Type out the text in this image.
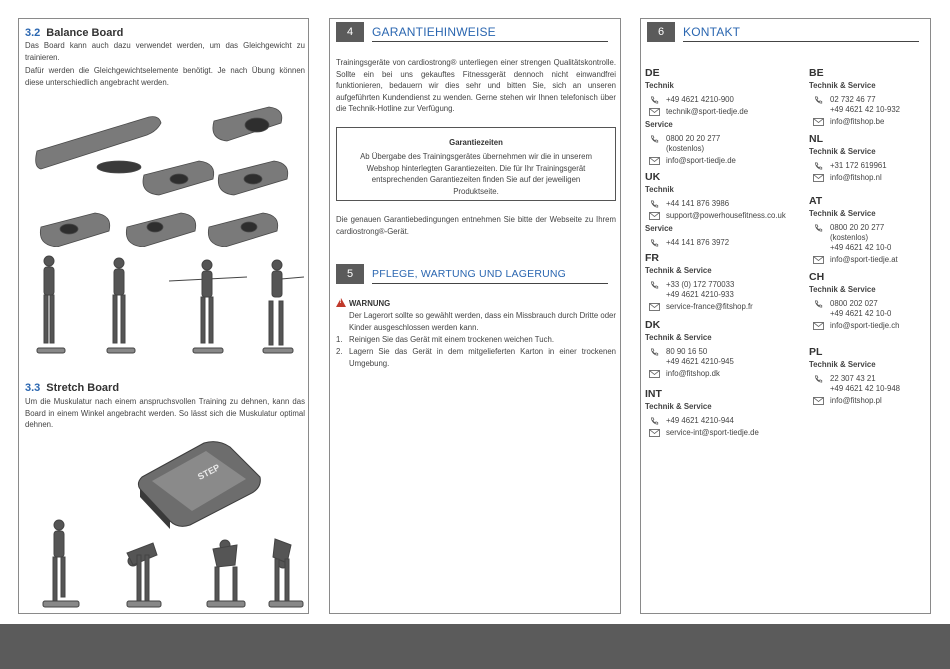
3.2 Balance Board
Das Board kann auch dazu verwendet werden, um das Gleichgewicht zu trainieren.
Dafür werden die Gleichgewichtselemente benötigt. Je nach Übung können diese unterschiedlich angebracht werden.
3.3 Stretch Board
Um die Muskulatur nach einem anspruchsvollen Training zu dehnen, kann das Board in einem Winkel angebracht werden. So lässt sich die Muskulatur optimal dehnen.
STEP
4	GARANTIEHINWEISE
Trainingsgeräte von cardiostrong® unterliegen einer strengen Qualitätskontrolle. Sollte ein bei uns gekauftes Fitnessgerät dennoch nicht einwandfrei funktionieren, bedauern wir dies sehr und bitten Sie, sich an unseren aufgeführten Kundendienst zu wenden. Gerne stehen wir Ihnen telefonisch über die Technik-Hotline zur Verfügung.
Garantiezeiten
Ab Übergabe des Trainingsgerätes übernehmen wir die in unserem Webshop hinterlegten Garantiezeiten. Die für Ihr Trainingsgerät entsprechenden Garantiezeiten finden Sie auf der jeweiligen Produktseite.
Die genauen Garantiebedingungen entnehmen Sie bitte der Webseite zu Ihrem cardiostrong®-Gerät.
5	PFLEGE, WARTUNG UND LAGERUNG
!WARNUNG
Der Lagerort sollte so gewählt werden, dass ein Missbrauch durch Dritte oder Kinder ausgeschlossen werden kann.
1. Reinigen Sie das Gerät mit einem trockenen weichen Tuch.
2. Lagern Sie das Gerät in dem mitgelieferten Karton in einer trockenen Umgebung.
6	KONTAKT
DE
Technik
+49 4621 4210-900
technik@sport-tiedje.de
Service
0800 20 20 277
(kostenlos)
info@sport-tiedje.de
UK
Technik
+44 141 876 3986
support@powerhousefitness.co.uk
Service
+44 141 876 3972
FR
Technik & Service
+33 (0) 172 770033
+49 4621 4210-933
service-france@fitshop.fr
DK
Technik & Service
80 90 16 50
+49 4621 4210-945
info@fitshop.dk
INT
Technik & Service
+49 4621 4210-944
service-int@sport-tiedje.de
BE
Technik & Service
02 732 46 77
+49 4621 42 10-932
info@fitshop.be
NL
Technik & Service
+31 172 619961
info@fitshop.nl
AT
Technik & Service
0800 20 20 277
(kostenlos)
+49 4621 42 10-0
info@sport-tiedje.at
CH
Technik & Service
0800 202 027
+49 4621 42 10-0
info@sport-tiedje.ch
PL
Technik & Service
22 307 43 21
+49 4621 42 10-948
info@fitshop.pl
